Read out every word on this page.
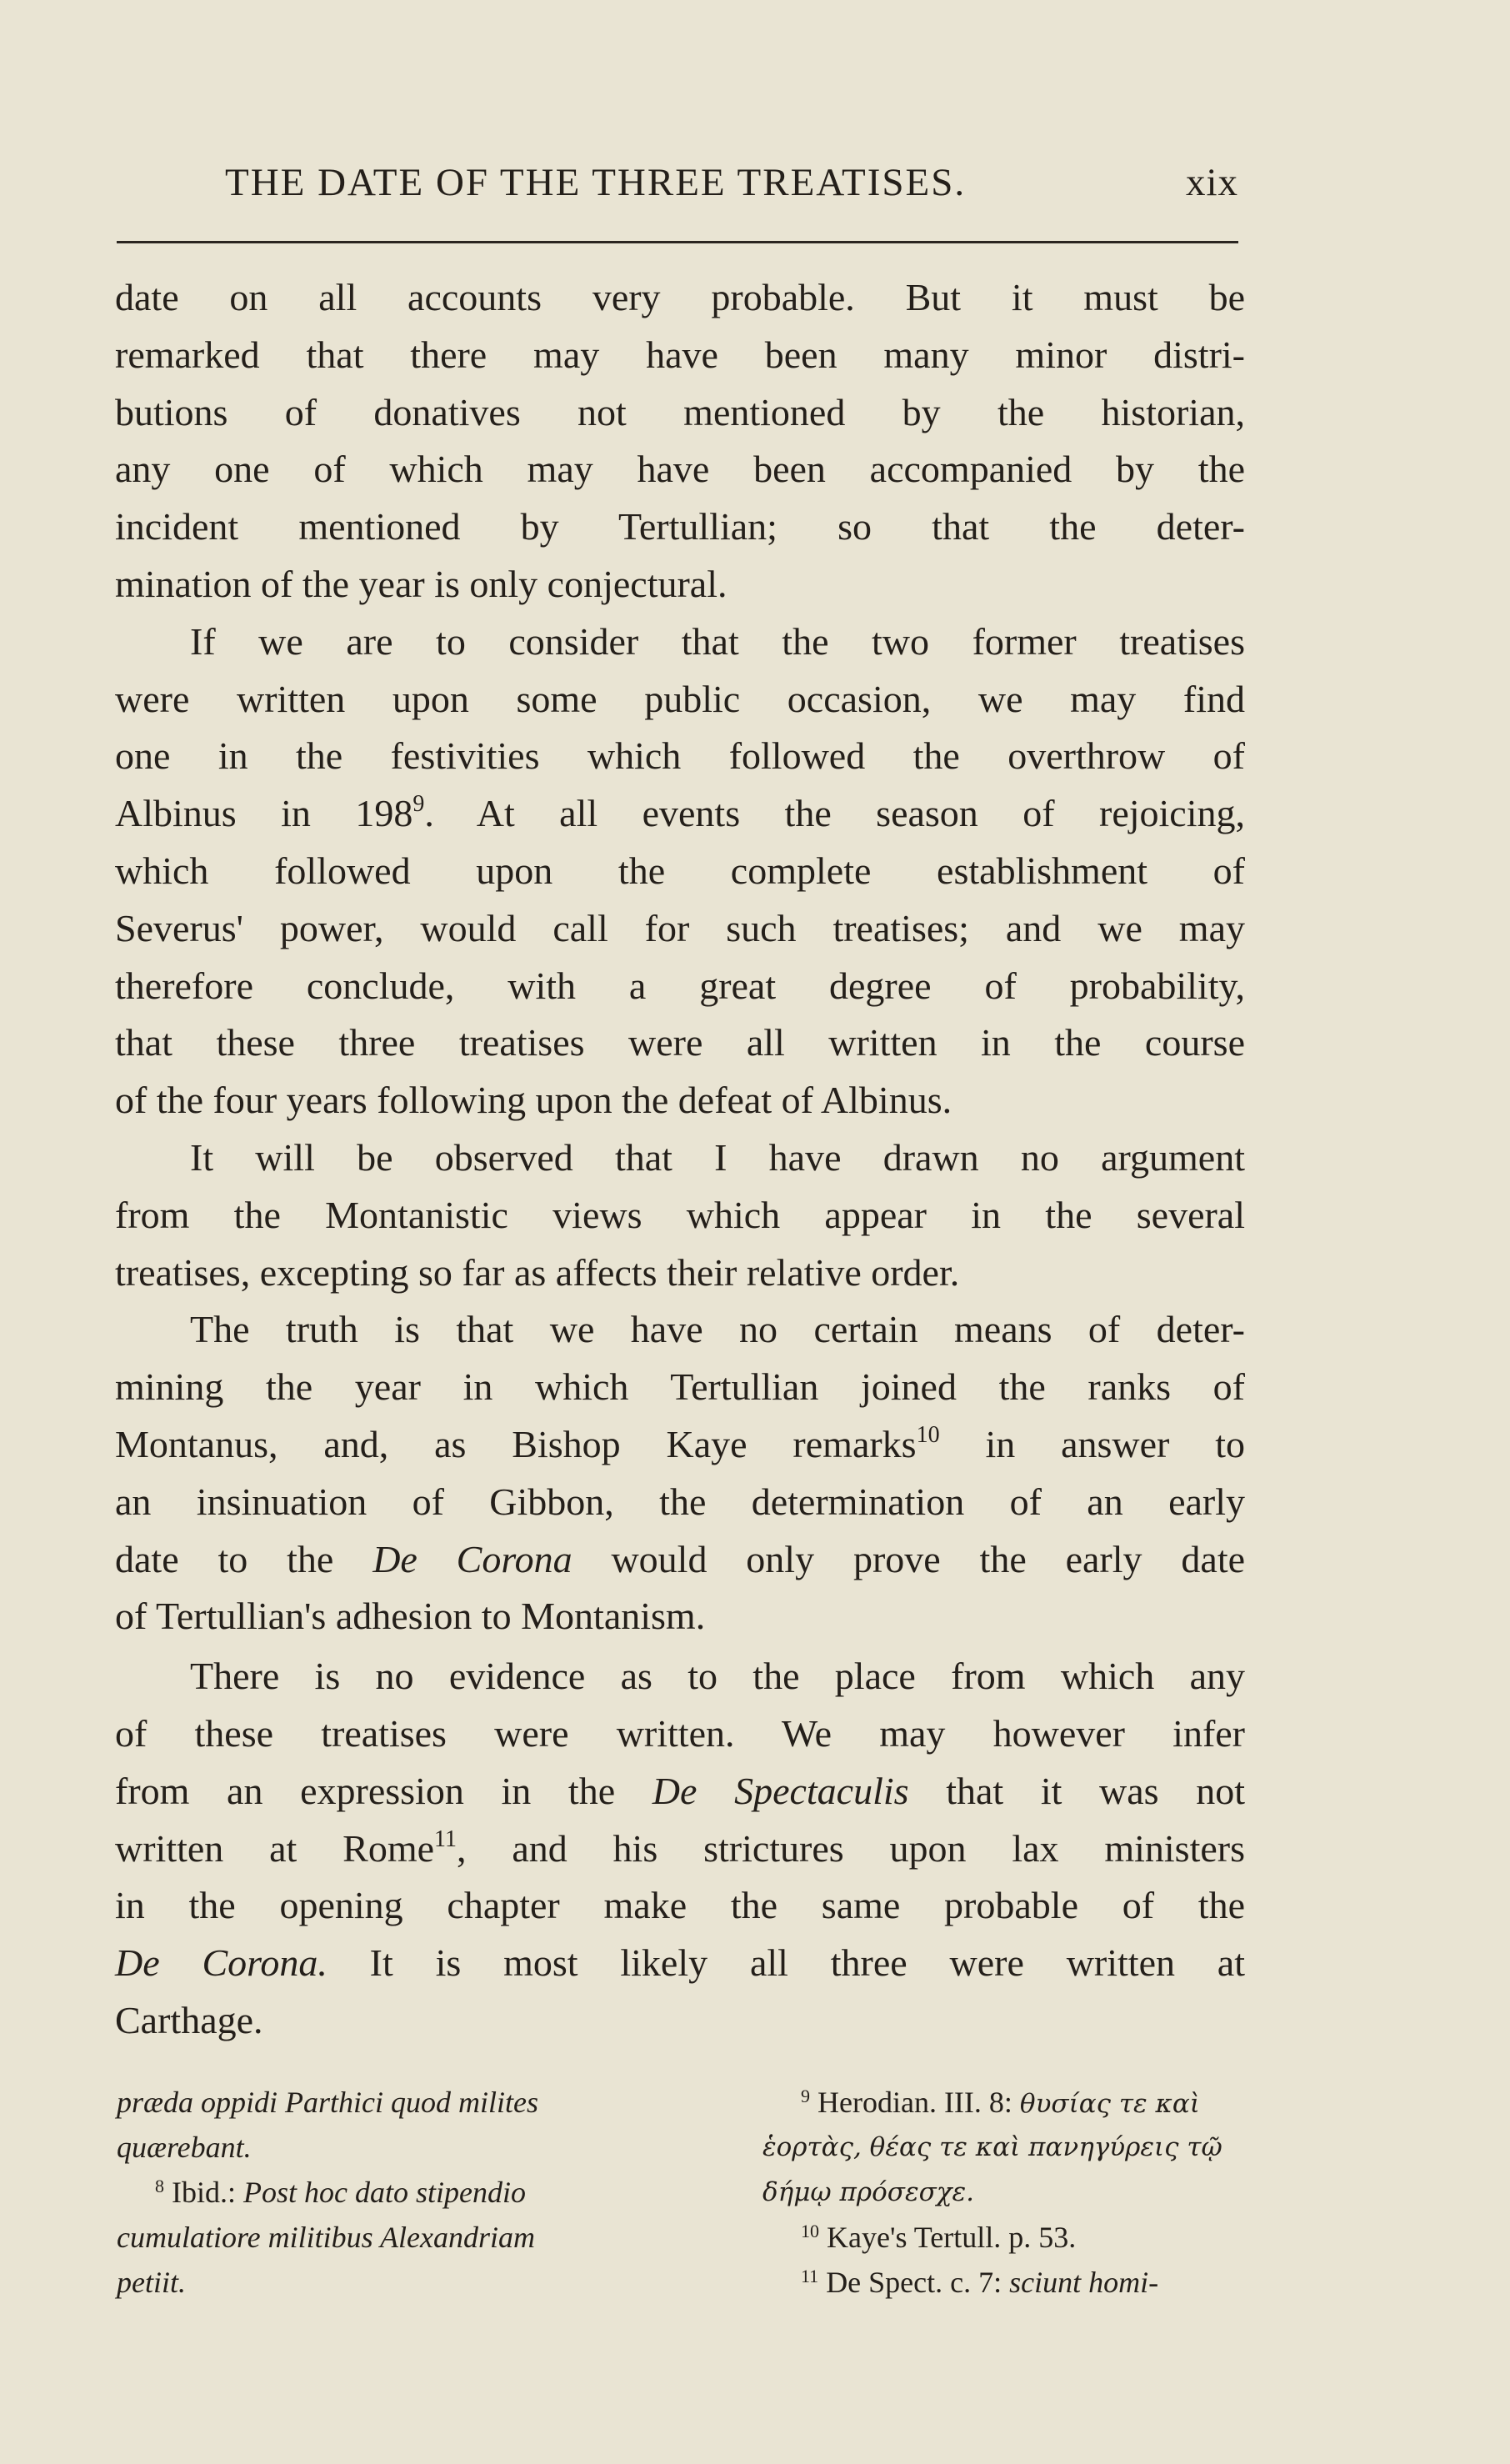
THE DATE OF THE THREE TREATISES.	xix
date on all accounts very probable. But it must be
remarked that there may have been many minor distri-
butions of donatives not mentioned by the historian,
any one of which may have been accompanied by the
incident mentioned by Tertullian; so that the deter-
mination of the year is only conjectural.
If we are to consider that the two former treatises
were written upon some public occasion, we may find
one in the festivities which followed the overthrow of
Albinus in $198^9$. At all events the season of rejoicing,
which followed upon the complete establishment of
Severus' power, would call for such treatises; and we may
therefore conclude, with a great degree of probability,
that these three treatises were all written in the course
of the four years following upon the defeat of Albinus.
It will be observed that I have drawn no argument
from the Montanistic views which appear in the several
treatises, excepting so far as affects their relative order.
The truth is that we have no certain means of deter-
mining the year in which Tertullian joined the ranks of
Montanus, and, as Bishop Kaye remarks$^{10}$ in answer to
an insinuation of Gibbon, the determination of an early
date to the De Corona would only prove the early date
of Tertullian's adhesion to Montanism.
There is no evidence as to the place from which any
of these treatises were written. We may however infer
from an expression in the De Spectaculis that it was not
written at Rome$^{11}$, and his strictures upon lax ministers
in the opening chapter make the same probable of the
De Corona. It is most likely all three were written at
Carthage.
præda oppidi Parthici quod milites
quærebant.
$^8$ Ibid.: Post hoc dato stipendio
cumulatiore militibus Alexandriam
petiit.
$^9$ Herodian. III. 8: θυσίας τε καὶ
ἑορτὰς, θέας τε καὶ πανηγύρεις τῷ
δήμῳ πρόσεσχε.
$^{10}$ Kaye's Tertull. p. 53.
$^{11}$ De Spect. c. 7: sciunt homi-
